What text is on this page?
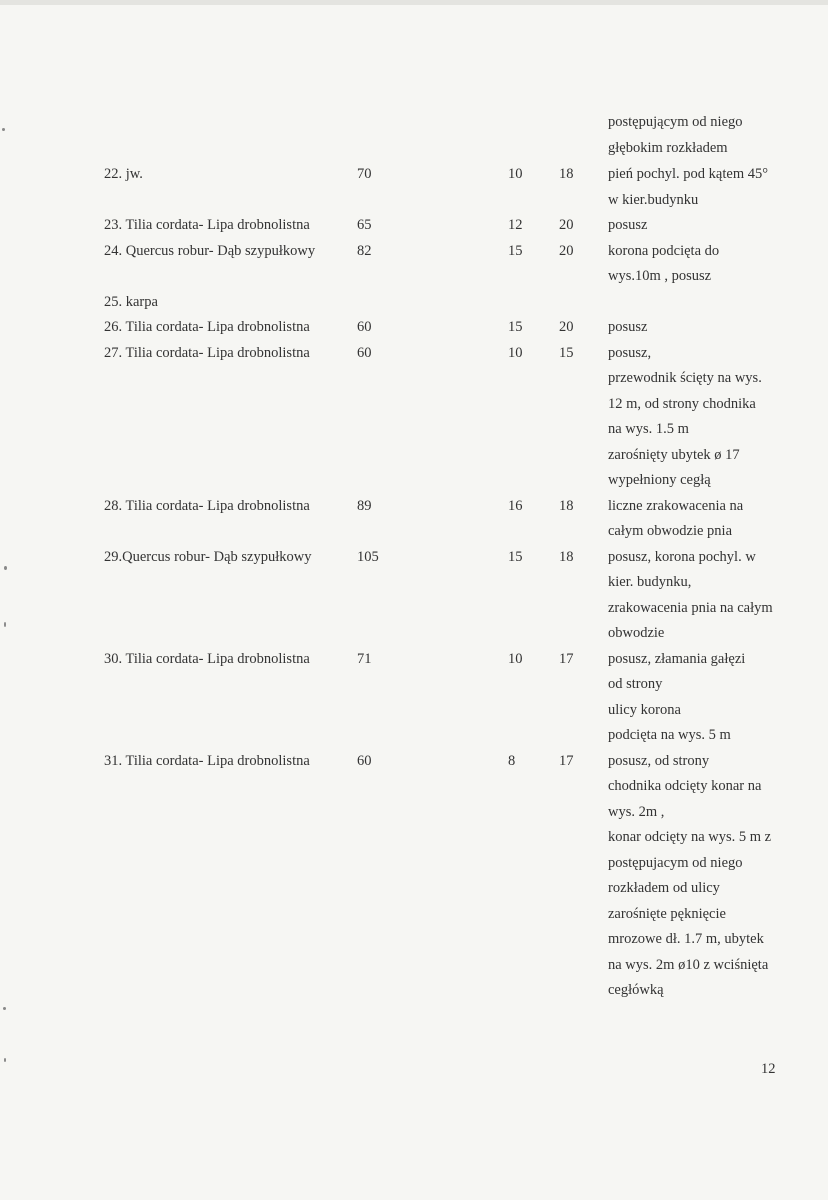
postępującym od niego
głębokim rozkładem
22. jw.	70	10	18 pień pochyl. pod kątem 45°
w kier.budynku
23. Tilia cordata- Lipa drobnolistna	65	12	20 posusz
24. Quercus robur- Dąb szypułkowy	82	15	20 korona podcięta do
wys.10m , posusz
25. karpa
26. Tilia cordata- Lipa drobnolistna	60	15	20 posusz
27. Tilia cordata- Lipa drobnolistna	60	10	15 posusz,
przewodnik ścięty na wys.
12 m, od strony chodnika
na wys. 1.5 m
zarośnięty ubytek ø 17
wypełniony cegłą
28. Tilia cordata- Lipa drobnolistna	89	16	18 liczne zrakowacenia na
całym obwodzie pnia
29.Quercus robur- Dąb szypułkowy	105	15	18 posusz, korona pochyl. w
kier. budynku,
zrakowacenia pnia na całym
obwodzie
30. Tilia cordata- Lipa drobnolistna	71	10	17 posusz, złamania gałęzi
od strony
ulicy korona
podcięta na wys. 5 m
31. Tilia cordata- Lipa drobnolistna	60	8	17 posusz, od strony
chodnika odcięty konar na
wys. 2m ,
konar odcięty na wys. 5 m z
postępujacym od niego
rozkładem od ulicy
zarośnięte pęknięcie
mrozowe dł. 1.7 m, ubytek
na wys. 2m ø10 z wciśnięta
cegłówką
12
